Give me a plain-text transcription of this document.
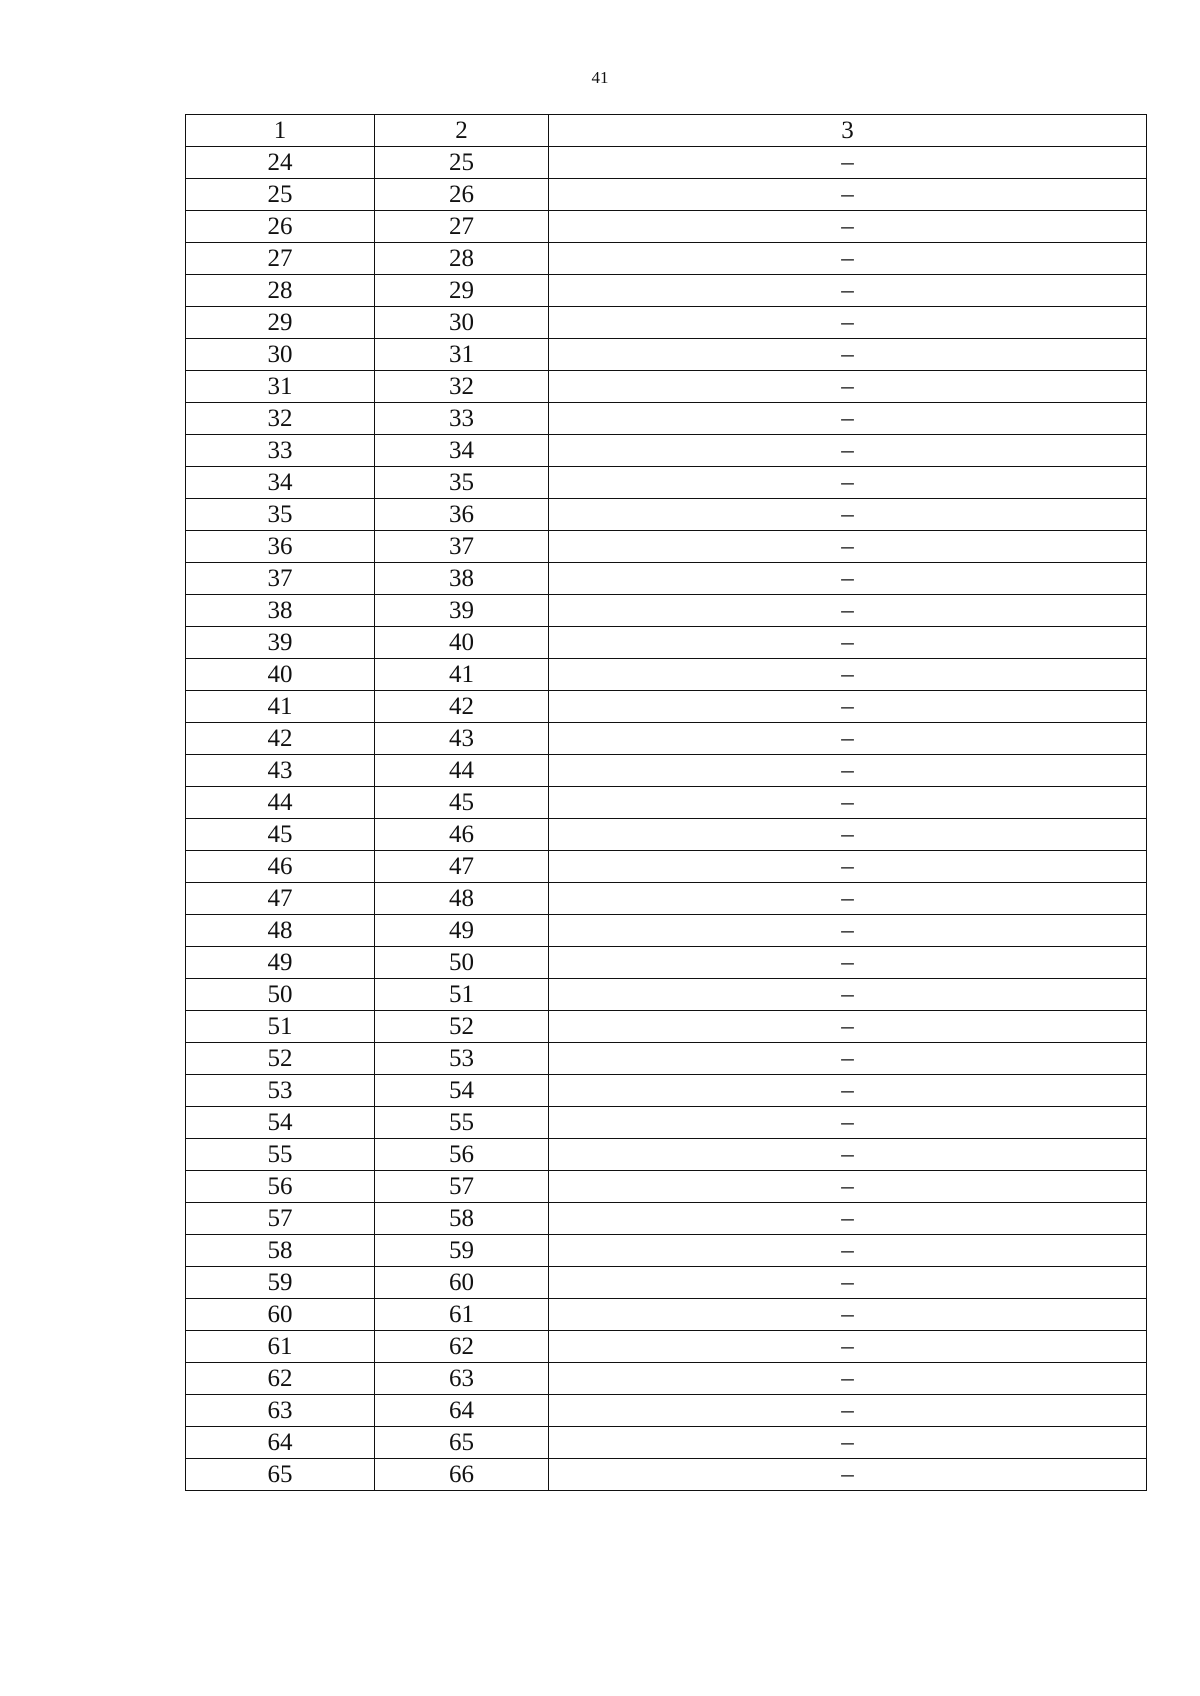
41
1	2	3
24	25	–
25	26	–
26	27	–
27	28	–
28	29	–
29	30	–
30	31	–
31	32	–
32	33	–
33	34	–
34	35	–
35	36	–
36	37	–
37	38	–
38	39	–
39	40	–
40	41	–
41	42	–
42	43	–
43	44	–
44	45	–
45	46	–
46	47	–
47	48	–
48	49	–
49	50	–
50	51	–
51	52	–
52	53	–
53	54	–
54	55	–
55	56	–
56	57	–
57	58	–
58	59	–
59	60	–
60	61	–
61	62	–
62	63	–
63	64	–
64	65	–
65	66	–
